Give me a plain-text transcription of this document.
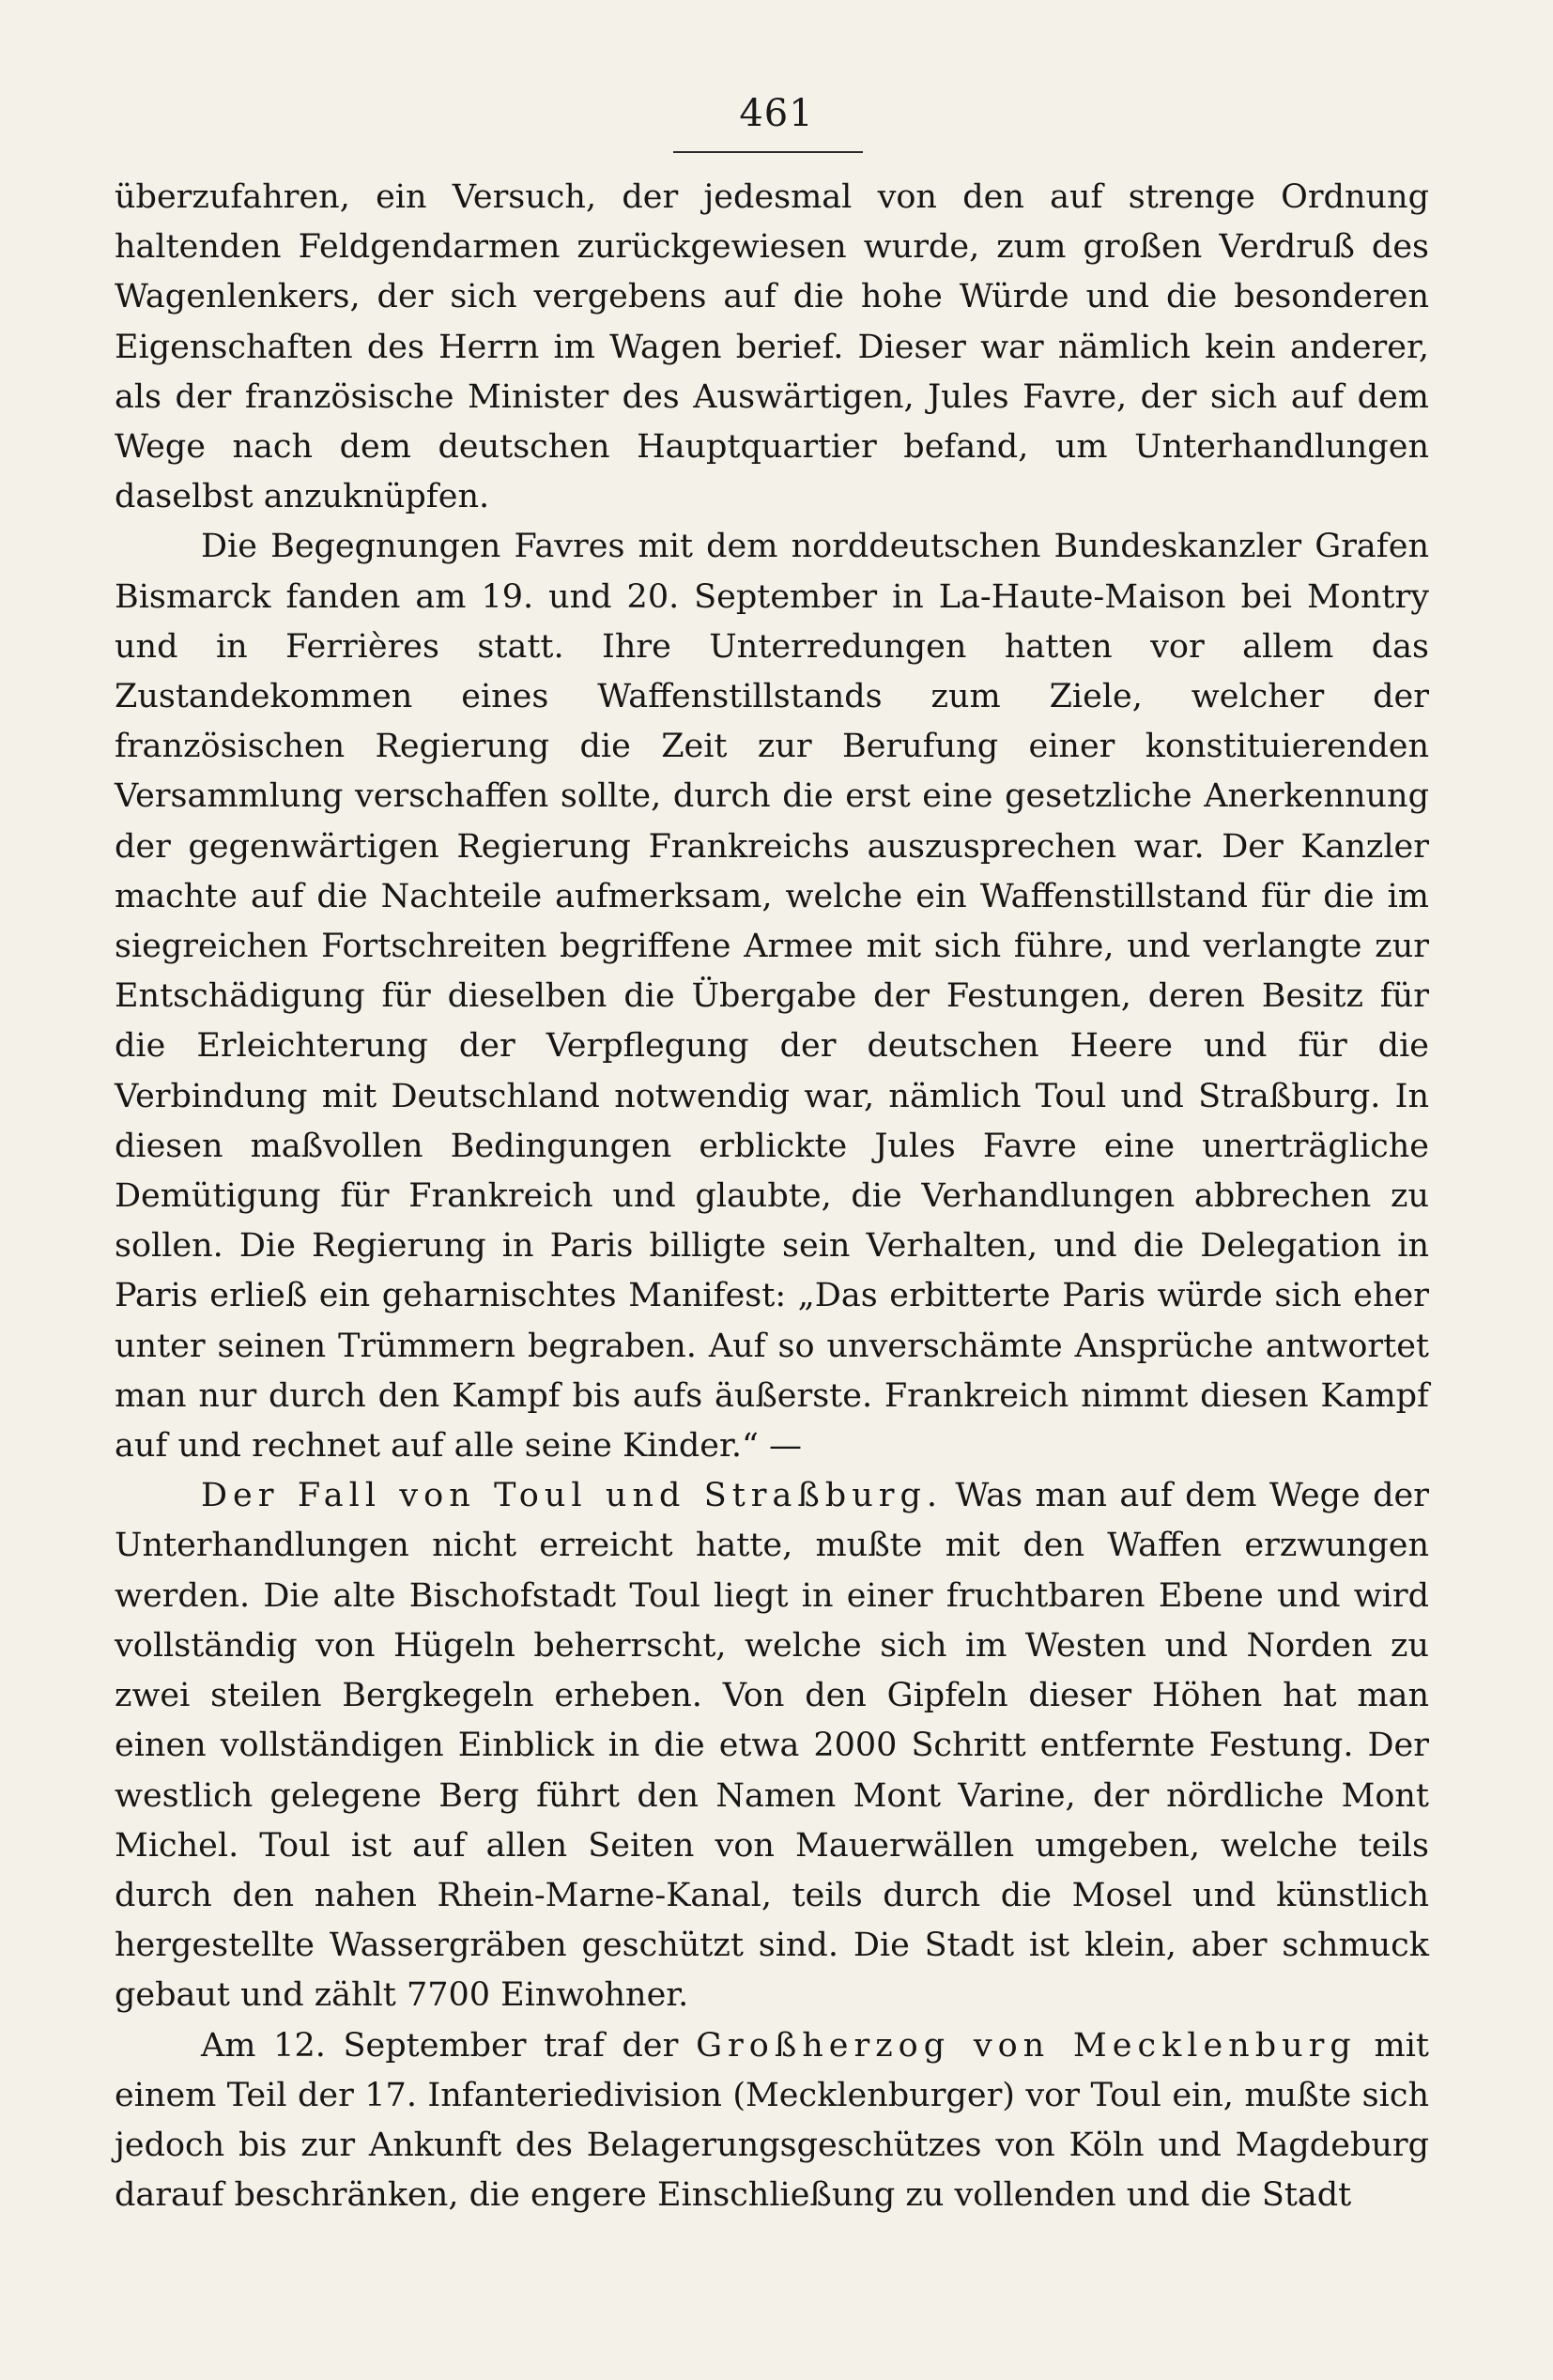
461

überzufahren, ein Versuch, der jedesmal von den auf strenge Ordnung haltenden Feldgendarmen zurückgewiesen wurde, zum großen Verdruß des Wagenlenkers, der sich vergebens auf die hohe Würde und die besonderen Eigenschaften des Herrn im Wagen berief. Dieser war nämlich kein anderer, als der französische Minister des Auswärtigen, Jules Favre, der sich auf dem Wege nach dem deutschen Hauptquartier befand, um Unterhandlungen daselbst anzuknüpfen.

Die Begegnungen Favres mit dem norddeutschen Bundeskanzler Grafen Bismarck fanden am 19. und 20. September in La-Haute-Maison bei Montry und in Ferrières statt. Ihre Unterredungen hatten vor allem das Zustandekommen eines Waffenstillstands zum Ziele, welcher der französischen Regierung die Zeit zur Berufung einer konstituierenden Versammlung verschaffen sollte, durch die erst eine gesetzliche Anerkennung der gegenwärtigen Regierung Frankreichs auszusprechen war. Der Kanzler machte auf die Nachteile aufmerksam, welche ein Waffenstillstand für die im siegreichen Fortschreiten begriffene Armee mit sich führe, und verlangte zur Entschädigung für dieselben die Übergabe der Festungen, deren Besitz für die Erleichterung der Verpflegung der deutschen Heere und für die Verbindung mit Deutschland notwendig war, nämlich Toul und Straßburg. In diesen maßvollen Bedingungen erblickte Jules Favre eine unerträgliche Demütigung für Frankreich und glaubte, die Verhandlungen abbrechen zu sollen. Die Regierung in Paris billigte sein Verhalten, und die Delegation in Paris erließ ein geharnischtes Manifest: „Das erbitterte Paris würde sich eher unter seinen Trümmern begraben. Auf so unverschämte Ansprüche antwortet man nur durch den Kampf bis aufs äußerste. Frankreich nimmt diesen Kampf auf und rechnet auf alle seine Kinder.“ —

Der Fall von Toul und Straßburg. Was man auf dem Wege der Unterhandlungen nicht erreicht hatte, mußte mit den Waffen erzwungen werden. Die alte Bischofstadt Toul liegt in einer fruchtbaren Ebene und wird vollständig von Hügeln beherrscht, welche sich im Westen und Norden zu zwei steilen Bergkegeln erheben. Von den Gipfeln dieser Höhen hat man einen vollständigen Einblick in die etwa 2000 Schritt entfernte Festung. Der westlich gelegene Berg führt den Namen Mont Varine, der nördliche Mont Michel. Toul ist auf allen Seiten von Mauerwällen umgeben, welche teils durch den nahen Rhein-Marne-Kanal, teils durch die Mosel und künstlich hergestellte Wassergräben geschützt sind. Die Stadt ist klein, aber schmuck gebaut und zählt 7700 Einwohner.

Am 12. September traf der Großherzog von Mecklenburg mit einem Teil der 17. Infanteriedivision (Mecklenburger) vor Toul ein, mußte sich jedoch bis zur Ankunft des Belagerungsgeschützes von Köln und Magdeburg darauf beschränken, die engere Einschließung zu vollenden und die Stadt
